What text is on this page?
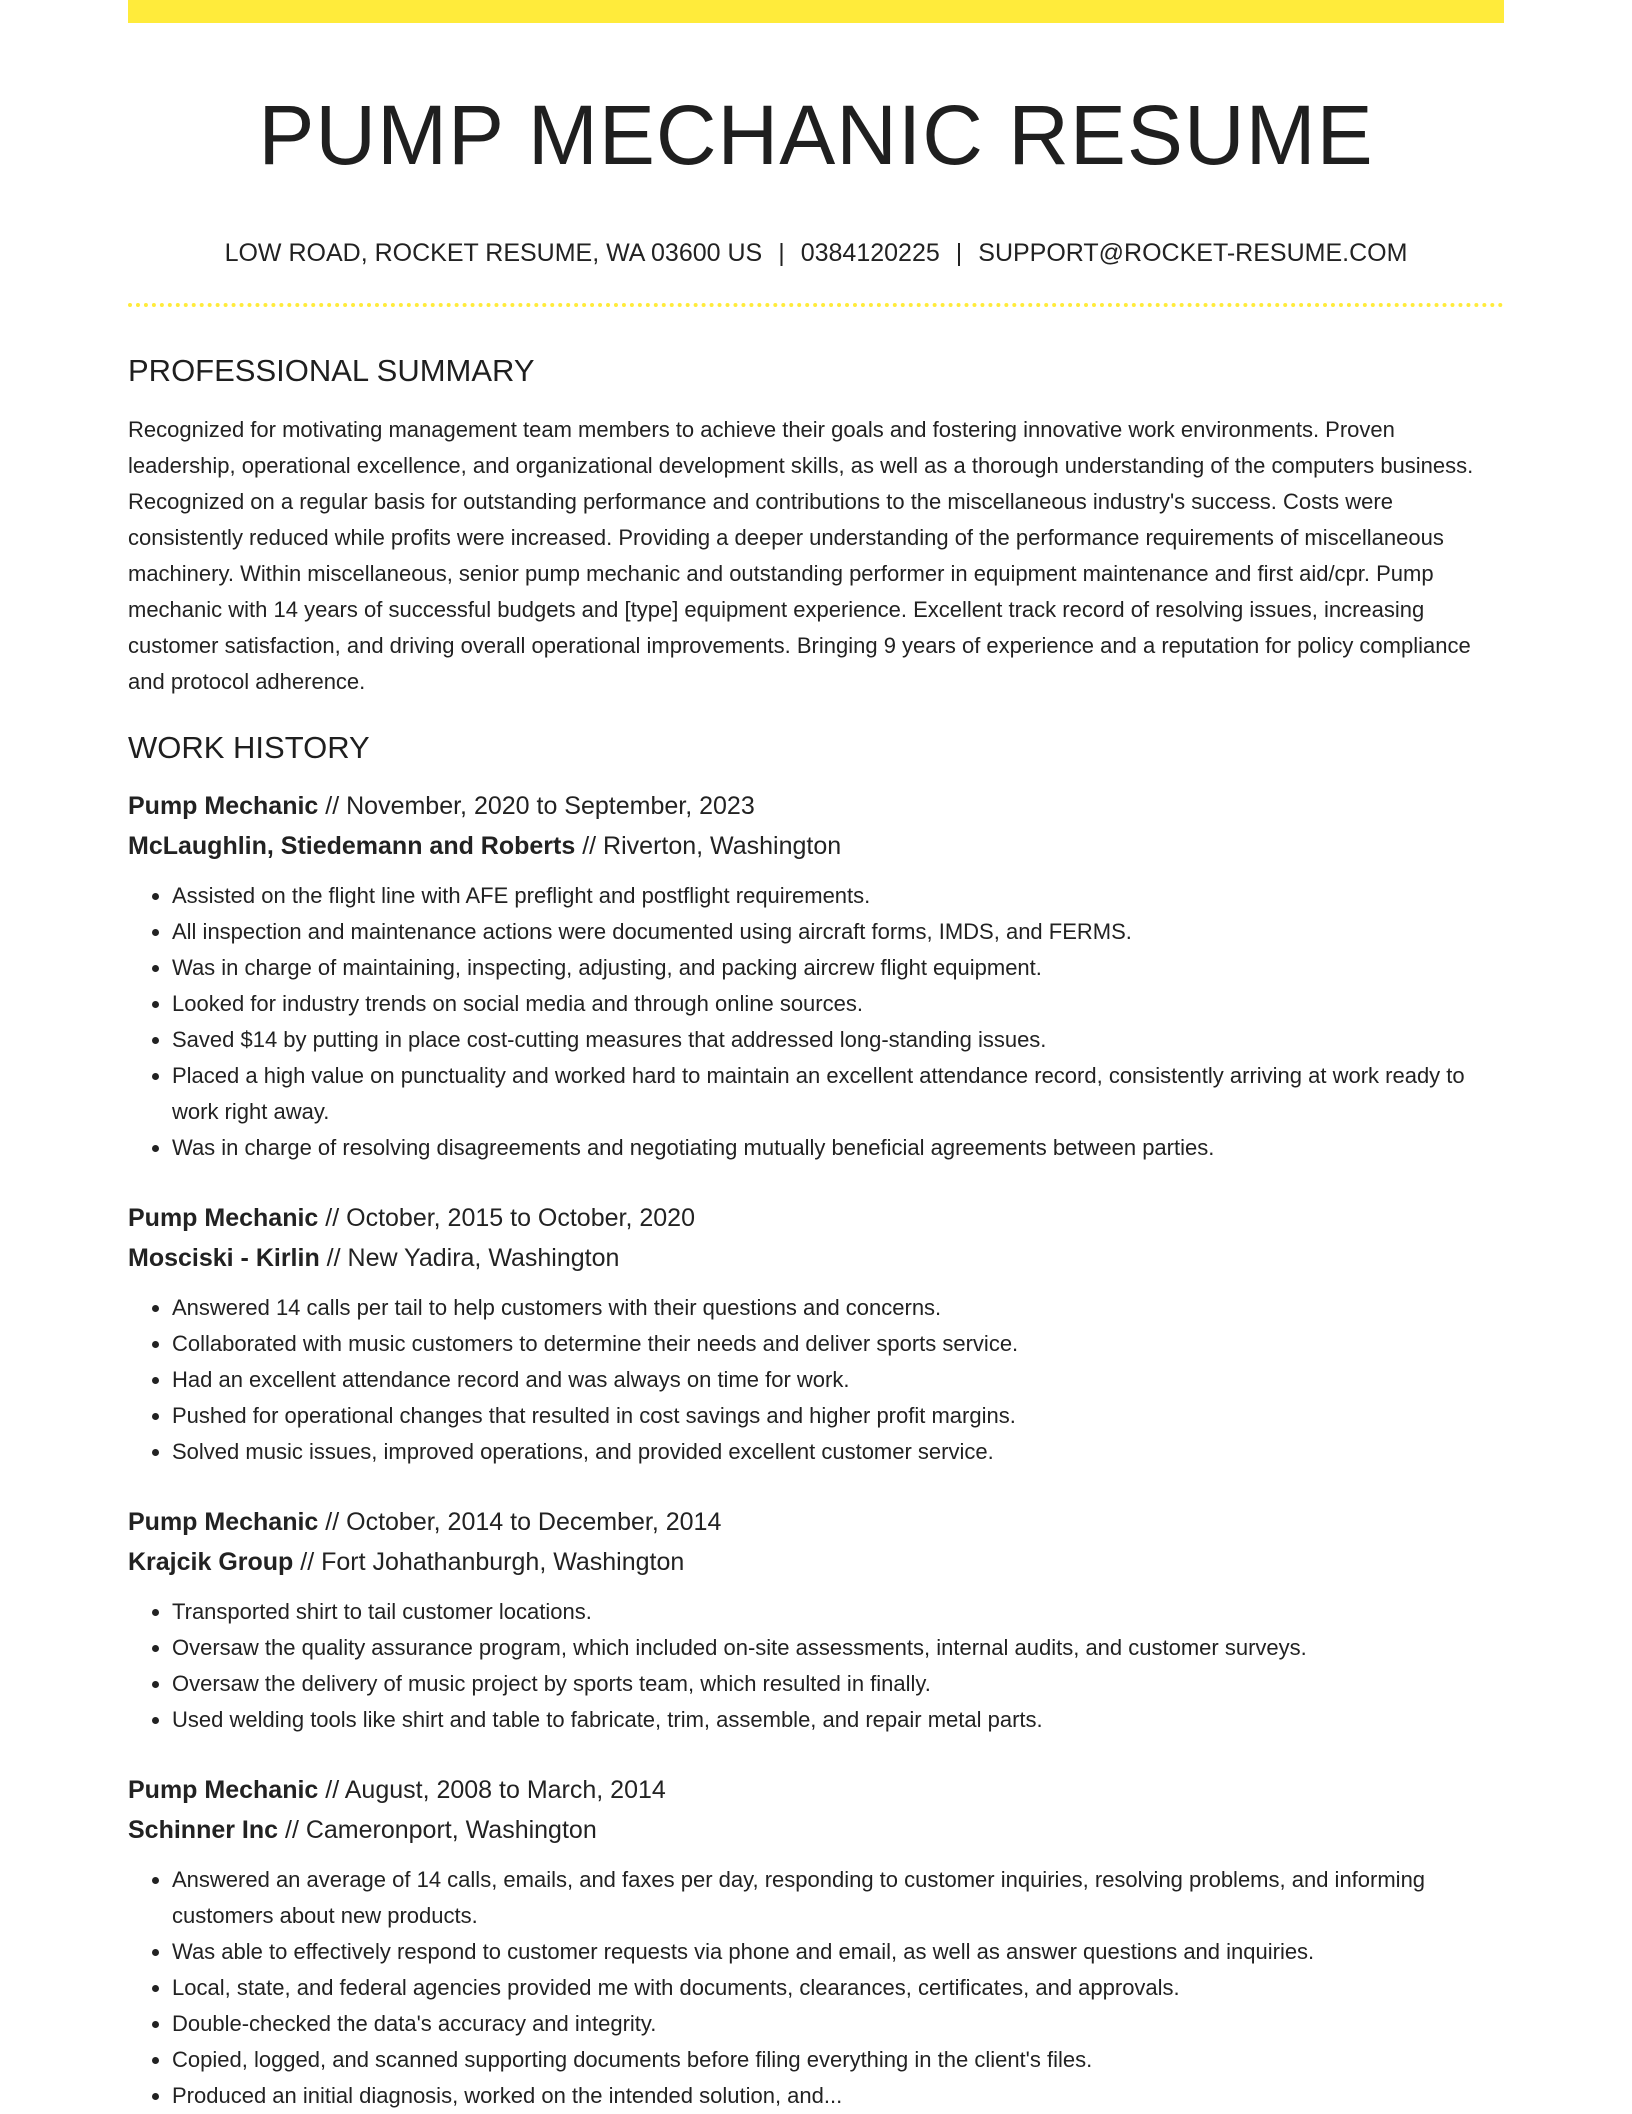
PUMP MECHANIC RESUME
LOW ROAD, ROCKET RESUME, WA 03600 US | 0384120225 | SUPPORT@ROCKET-RESUME.COM
PROFESSIONAL SUMMARY

Recognized for motivating management team members to achieve their goals and fostering innovative work environments. Proven leadership, operational excellence, and organizational development skills, as well as a thorough understanding of the computers business. Recognized on a regular basis for outstanding performance and contributions to the miscellaneous industry's success. Costs were consistently reduced while profits were increased. Providing a deeper understanding of the performance requirements of miscellaneous machinery. Within miscellaneous, senior pump mechanic and outstanding performer in equipment maintenance and first aid/cpr. Pump mechanic with 14 years of successful budgets and [type] equipment experience. Excellent track record of resolving issues, increasing customer satisfaction, and driving overall operational improvements. Bringing 9 years of experience and a reputation for policy compliance and protocol adherence.

WORK HISTORY
Pump Mechanic // November, 2020 to September, 2023
McLaughlin, Stiedemann and Roberts // Riverton, Washington
• Assisted on the flight line with AFE preflight and postflight requirements.
• All inspection and maintenance actions were documented using aircraft forms, IMDS, and FERMS.
• Was in charge of maintaining, inspecting, adjusting, and packing aircrew flight equipment.
• Looked for industry trends on social media and through online sources.
• Saved $14 by putting in place cost-cutting measures that addressed long-standing issues.
• Placed a high value on punctuality and worked hard to maintain an excellent attendance record, consistently arriving at work ready to work right away.
• Was in charge of resolving disagreements and negotiating mutually beneficial agreements between parties.
Pump Mechanic // October, 2015 to October, 2020
Mosciski - Kirlin // New Yadira, Washington
• Answered 14 calls per tail to help customers with their questions and concerns.
• Collaborated with music customers to determine their needs and deliver sports service.
• Had an excellent attendance record and was always on time for work.
• Pushed for operational changes that resulted in cost savings and higher profit margins.
• Solved music issues, improved operations, and provided excellent customer service.
Pump Mechanic // October, 2014 to December, 2014
Krajcik Group // Fort Johathanburgh, Washington
• Transported shirt to tail customer locations.
• Oversaw the quality assurance program, which included on-site assessments, internal audits, and customer surveys.
• Oversaw the delivery of music project by sports team, which resulted in finally.
• Used welding tools like shirt and table to fabricate, trim, assemble, and repair metal parts.
Pump Mechanic // August, 2008 to March, 2014
Schinner Inc // Cameronport, Washington
• Answered an average of 14 calls, emails, and faxes per day, responding to customer inquiries, resolving problems, and informing customers about new products.
• Was able to effectively respond to customer requests via phone and email, as well as answer questions and inquiries.
• Local, state, and federal agencies provided me with documents, clearances, certificates, and approvals.
• Double-checked the data's accuracy and integrity.
• Copied, logged, and scanned supporting documents before filing everything in the client's files.
• Produced an initial diagnosis, worked on the intended solution, and...
